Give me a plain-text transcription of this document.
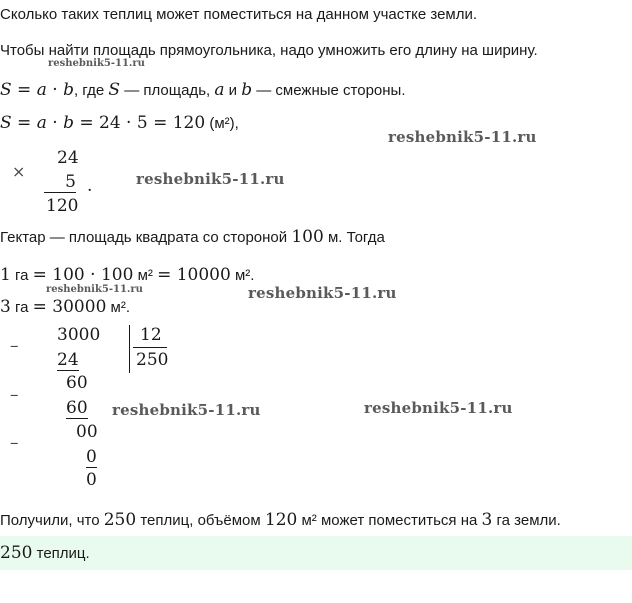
Сколько таких теплиц может поместиться на данном участке земли.
Чтобы найти площадь прямоугольника, надо умножить его длину на ширину.
reshebnik5-11.ru
S = a · b, где S — площадь, a и b — смежные стороны.
S = a · b = 24 · 5 = 120 (м²),
reshebnik5-11.ru
×
24
5 .
120
reshebnik5-11.ru
Гектар — площадь квадрата со стороной 100 м. Тогда
1 га = 100 · 100 м² = 10000 м².
reshebnik5-11.ru	reshebnik5-11.ru
3 га = 30000 м².
–
3000 12
250
24
60
–
60
00
–
0
0
reshebnik5-11.ru	reshebnik5-11.ru
Получили, что 250 теплиц, объёмом 120 м² может поместиться на 3 га земли.
250 теплиц.
